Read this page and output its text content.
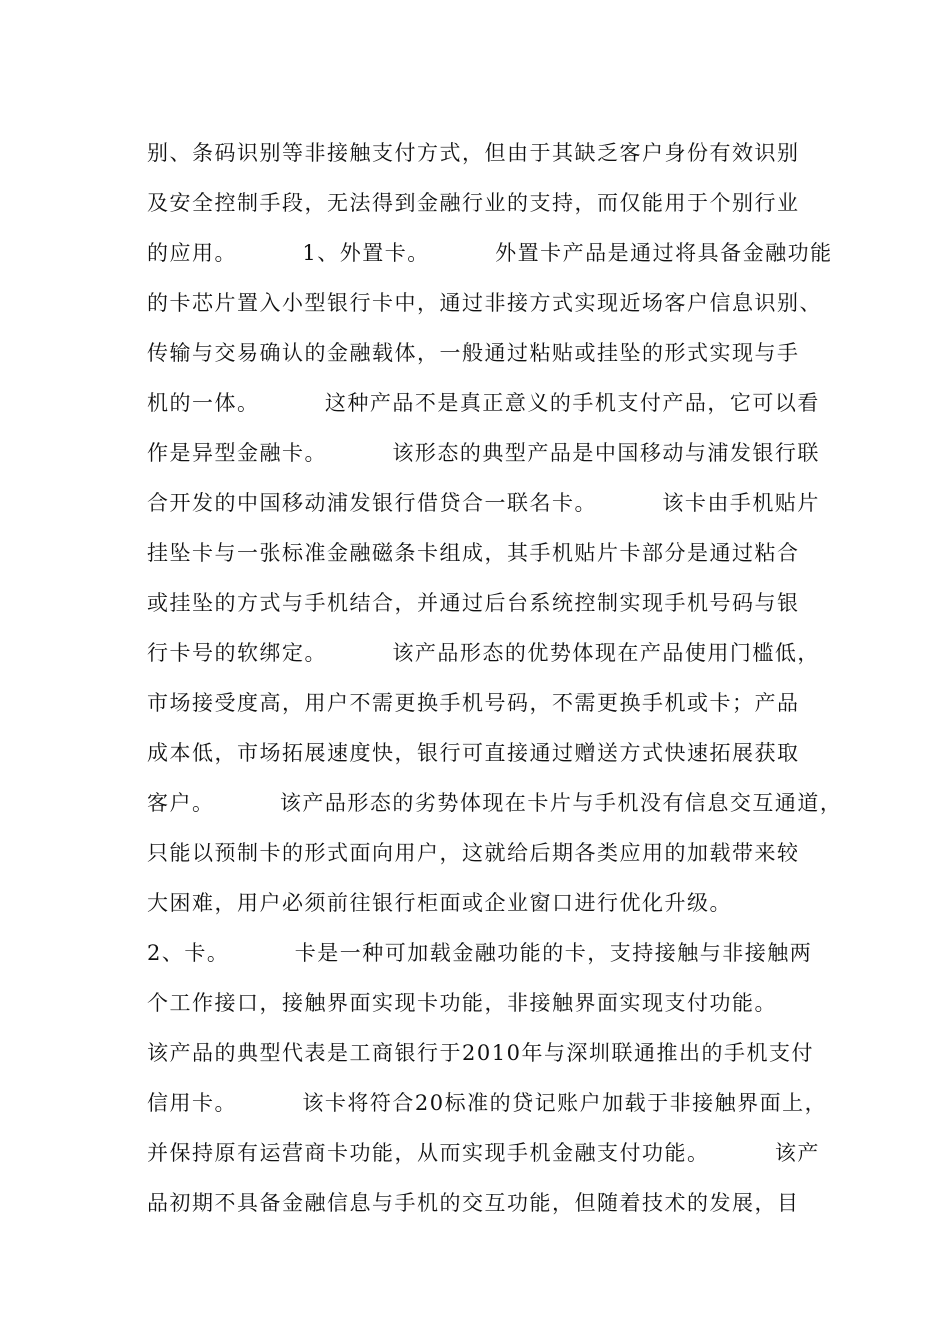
别、条码识别等非接触支付方式，但由于其缺乏客户身份有效识别
及安全控制手段，无法得到金融行业的支持，而仅能用于个别行业
的应用。        1、外置卡。        外置卡产品是通过将具备金融功能
的卡芯片置入小型银行卡中，通过非接方式实现近场客户信息识别、
传输与交易确认的金融载体，一般通过粘贴或挂坠的形式实现与手
机的一体。        这种产品不是真正意义的手机支付产品，它可以看
作是异型金融卡。        该形态的典型产品是中国移动与浦发银行联
合开发的中国移动浦发银行借贷合一联名卡。        该卡由手机贴片
挂坠卡与一张标准金融磁条卡组成，其手机贴片卡部分是通过粘合
或挂坠的方式与手机结合，并通过后台系统控制实现手机号码与银
行卡号的软绑定。        该产品形态的优势体现在产品使用门槛低，
市场接受度高，用户不需更换手机号码，不需更换手机或卡；产品
成本低，市场拓展速度快，银行可直接通过赠送方式快速拓展获取
客户。        该产品形态的劣势体现在卡片与手机没有信息交互通道，
只能以预制卡的形式面向用户，这就给后期各类应用的加载带来较
大困难，用户必须前往银行柜面或企业窗口进行优化升级。
2、卡。        卡是一种可加载金融功能的卡，支持接触与非接触两
个工作接口，接触界面实现卡功能，非接触界面实现支付功能。
该产品的典型代表是工商银行于2010年与深圳联通推出的手机支付
信用卡。        该卡将符合20标准的贷记账户加载于非接触界面上，
并保持原有运营商卡功能，从而实现手机金融支付功能。        该产
品初期不具备金融信息与手机的交互功能，但随着技术的发展，目
